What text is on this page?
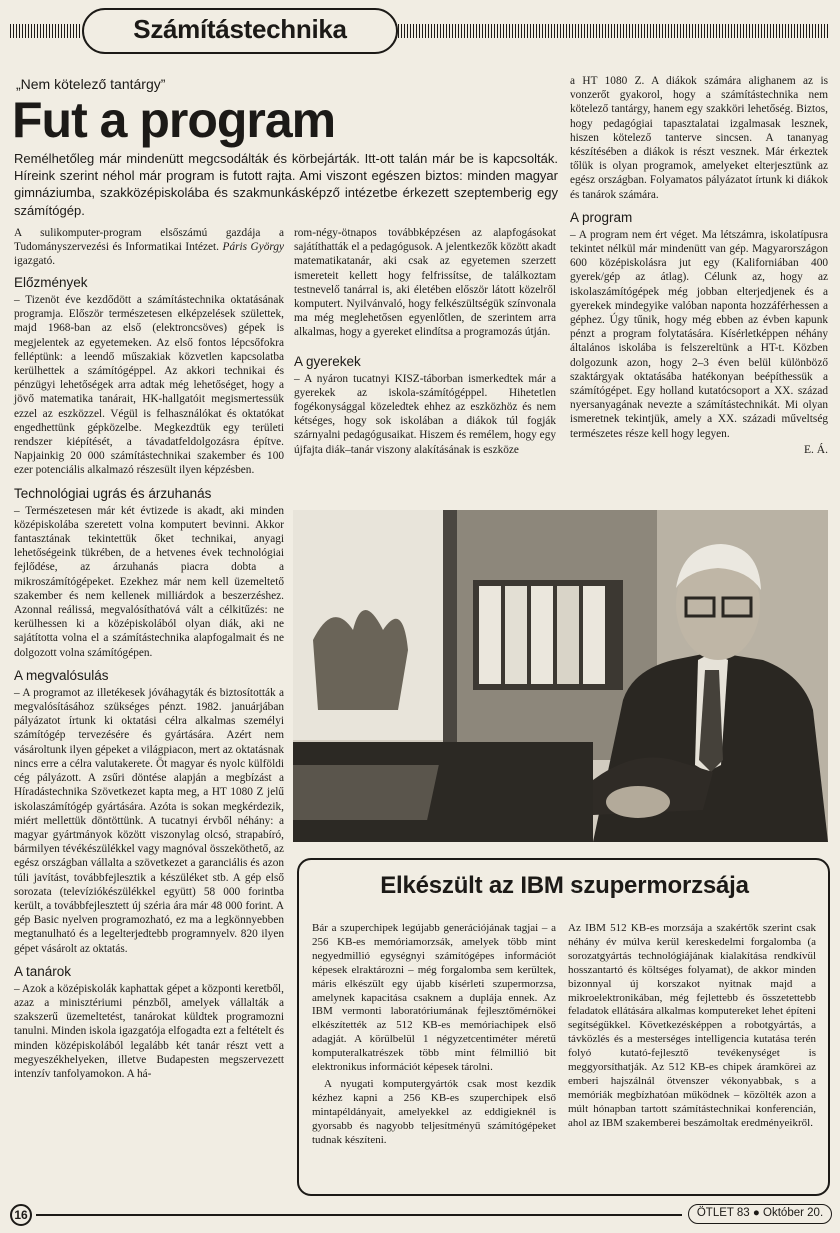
Számítástechnika
„Nem kötelező tantárgy”
Fut a program
Remélhetőleg már mindenütt megcsodálták és körbejárták. Itt-ott talán már be is kapcsolták. Híreink szerint néhol már program is futott rajta. Ami viszont egészen biztos: minden magyar gimnáziumba, szakközépiskolába és szakmunkásképző intézetbe érkezett szeptemberig egy számítógép.
A sulikomputer-program elsőszámú gazdája a Tudományszervezési és Informatikai Intézet. Páris György igazgató.
Előzmények

– Tizenöt éve kezdődött a számítástechnika oktatásának programja. Először természetesen elképzelések születtek, majd 1968-ban az első (elektroncsöves) gépek is megjelentek az egyetemeken. Az első fontos lépcsőfokra felléptünk: a leendő műszakiak közvetlen kapcsolatba kerülhettek a számítógéppel. Az akkori technikai és pénzügyi lehetőségek arra adtak még lehetőséget, hogy a jövő matematika tanárait, HK-hallgatóit megismertessük ezzel az eszközzel. Végül is felhasználókat és oktatókat engedhettünk gépközelbe. Megkezdtük egy területi rendszer kiépítését, a távadatfeldolgozásra építve. Napjainkig 20 000 számítástechnikai szakember és 100 ezer potenciális alkalmazó részesült ilyen képzésben.

Technológiai ugrás és árzuhanás

– Természetesen már két évtizede is akadt, aki minden középiskolába szeretett volna komputert bevinni. Akkor fantasztának tekintettük őket technikai, anyagi lehetőségeink tükrében, de a hetvenes évek technológiai fejlődése, az árzuhanás piacra dobta a mikroszámítógépeket. Ezekhez már nem kell üzemeltető szakember és nem kellenek milliárdok a beszerzéshez. Azonnal reálissá, megvalósíthatóvá vált a célkitűzés: ne kerülhessen ki a középiskolából olyan diák, aki ne sajátította volna el a számítástechnika alapfogalmait és ne dolgozott volna számítógépen.

A megvalósulás

– A programot az illetékesek jóváhagyták és biztosították a megvalósításához szükséges pénzt. 1982. januárjában pályázatot írtunk ki oktatási célra alkalmas személyi számítógép tervezésére és gyártására. Azért nem vásároltunk ilyen gépeket a világpiacon, mert az oktatásnak nincs erre a célra valutakerete. Öt magyar és nyolc külföldi cég pályázott. A zsűri döntése alapján a megbízást a Híradástechnika Szövetkezet kapta meg, a HT 1080 Z jelű iskolaszámítógép gyártására. Azóta is sokan megkérdezik, miért mellettük döntöttünk. A tucatnyi érvből néhány: a magyar gyártmányok között viszonylag olcsó, strapabíró, bármilyen tévékészülékkel vagy magnóval összeköthető, az egész országban vállalta a szövetkezet a garanciális és azon túli javítást, továbbfejlesztik a készüléket stb. A gép első sorozata (televíziókészülékkel együtt) 58 000 forintba került, a továbbfejlesztett új széria ára már 48 000 forint. A gép Basic nyelven programozható, ez ma a legkönnyebben megtanulható és a legelterjedtebb programnyelv. 820 ilyen gépet vásárolt az oktatás.

A tanárok

– Azok a középiskolák kaphattak gépet a központi keretből, azaz a minisztériumi pénzből, amelyek vállalták a szakszerű üzemeltetést, tanárokat küldtek programozni tanulni. Minden iskola igazgatója elfogadta ezt a feltételt és minden középiskolából legalább két tanár részt vett a megyeszékhelyeken, illetve Budapesten megszervezett intenzív tanfolyamokon. A há-

rom-négy-ötnapos továbbképzésen az alapfogásokat sajátíthatták el a pedagógusok. A jelentkezők között akadt matematikatanár, aki csak az egyetemen szerzett ismereteit kellett hogy felfrissítse, de találkoztam testnevelő tanárral is, aki életében először látott közelről komputert. Nyilvánvaló, hogy felkészültségük színvonala ma még meglehetősen egyenlőtlen, de szerintem arra alkalmas, hogy a gyereket elindítsa a programozás útján.

A gyerekek

– A nyáron tucatnyi KISZ-táborban ismerkedtek már a gyerekek az iskola-számítógéppel. Hihetetlen fogékonysággal közeledtek ehhez az eszközhöz és nem kétséges, hogy sok iskolában a diákok túl fogják szárnyalni pedagógusaikat. Hiszem és remélem, hogy egy újfajta diák–tanár viszony alakításának is eszköze

a HT 1080 Z. A diákok számára alighanem az is vonzerőt gyakorol, hogy a számítástechnika nem kötelező tantárgy, hanem egy szakköri lehetőség. Biztos, hogy pedagógiai tapasztalatai izgalmasak lesznek, hiszen kötelező tanterve sincsen. A tananyag készítésében a diákok is részt vesznek. Már érkeztek tőlük is olyan programok, amelyeket elterjesztünk az egész országban. Folyamatos pályázatot írtunk ki diákok és tanárok számára.

A program

– A program nem ért véget. Ma létszámra, iskolatípusra tekintet nélkül már mindenütt van gép. Magyarországon 600 középiskolásra jut egy (Kaliforniában 400 gyerek/gép az átlag). Célunk az, hogy az iskolaszámítógépek még jobban elterjedjenek és a gyerekek mindegyike valóban naponta hozzáférhessen a géphez. Úgy tűnik, hogy még ebben az évben kapunk pénzt a program folytatására. Kísérletképpen néhány általános iskolába is felszereltünk a HT-t. Közben dolgozunk azon, hogy 2–3 éven belül különböző szaktárgyak oktatásába hatékonyan beépíthessük a számítógépet. Egy holland kutatócsoport a XX. század nyersanyagának nevezte a számítástechnikát. Mi olyan ismeretnek tekintjük, amely a XX. századi műveltség természetes része kell hogy legyen.

E. Á.
Elkészült az IBM szupermorzsája

Bár a szuperchipek legújabb generációjának tagjai – a 256 KB-es memóriamorzsák, amelyek több mint negyedmillió egységnyi számítógépes információt képesek elraktározni – még forgalomba sem kerültek, máris elkészült egy újabb kísérleti szupermorzsa, amelynek kapacitása csaknem a duplája ennek. Az IBM vermonti laboratóriumának fejlesztőmérnökei elkészítették az 512 KB-es memóriachipek első adagját. A körülbelül 1 négyzetcentiméter méretű komputeralkatrészek több mint félmillió bit elektronikus információt képesek tárolni.

A nyugati komputergyártók csak most kezdik kézhez kapni a 256 KB-es szuperchipek első mintapéldányait, amelyekkel az eddigieknél is gyorsabb és nagyobb teljesítményű számítógépeket tudnak készíteni.

Az IBM 512 KB-es morzsája a szakértők szerint csak néhány év múlva kerül kereskedelmi forgalomba (a sorozatgyártás technológiájának kialakítása rendkívül hosszantartó és költséges folyamat), de akkor minden bizonnyal új korszakot nyitnak majd a mikroelektronikában, még fejlettebb és összetettebb feladatok ellátására alkalmas komputereket lehet építeni segítségükkel. Következésképpen a robotgyártás, a távközlés és a mesterséges intelligencia kutatása terén folyó kutató-fejlesztő tevékenységet is meggyorsíthatják. Az 512 KB-es chipek áramkörei az emberi hajszálnál ötvenszer vékonyabbak, s a memóriák megbízhatóan működnek – közölték azon a múlt hónapban tartott számítástechnikai konferencián, ahol az IBM szakemberei beszámoltak eredményeikről.

16	ÖTLET 83 ● Október 20.
